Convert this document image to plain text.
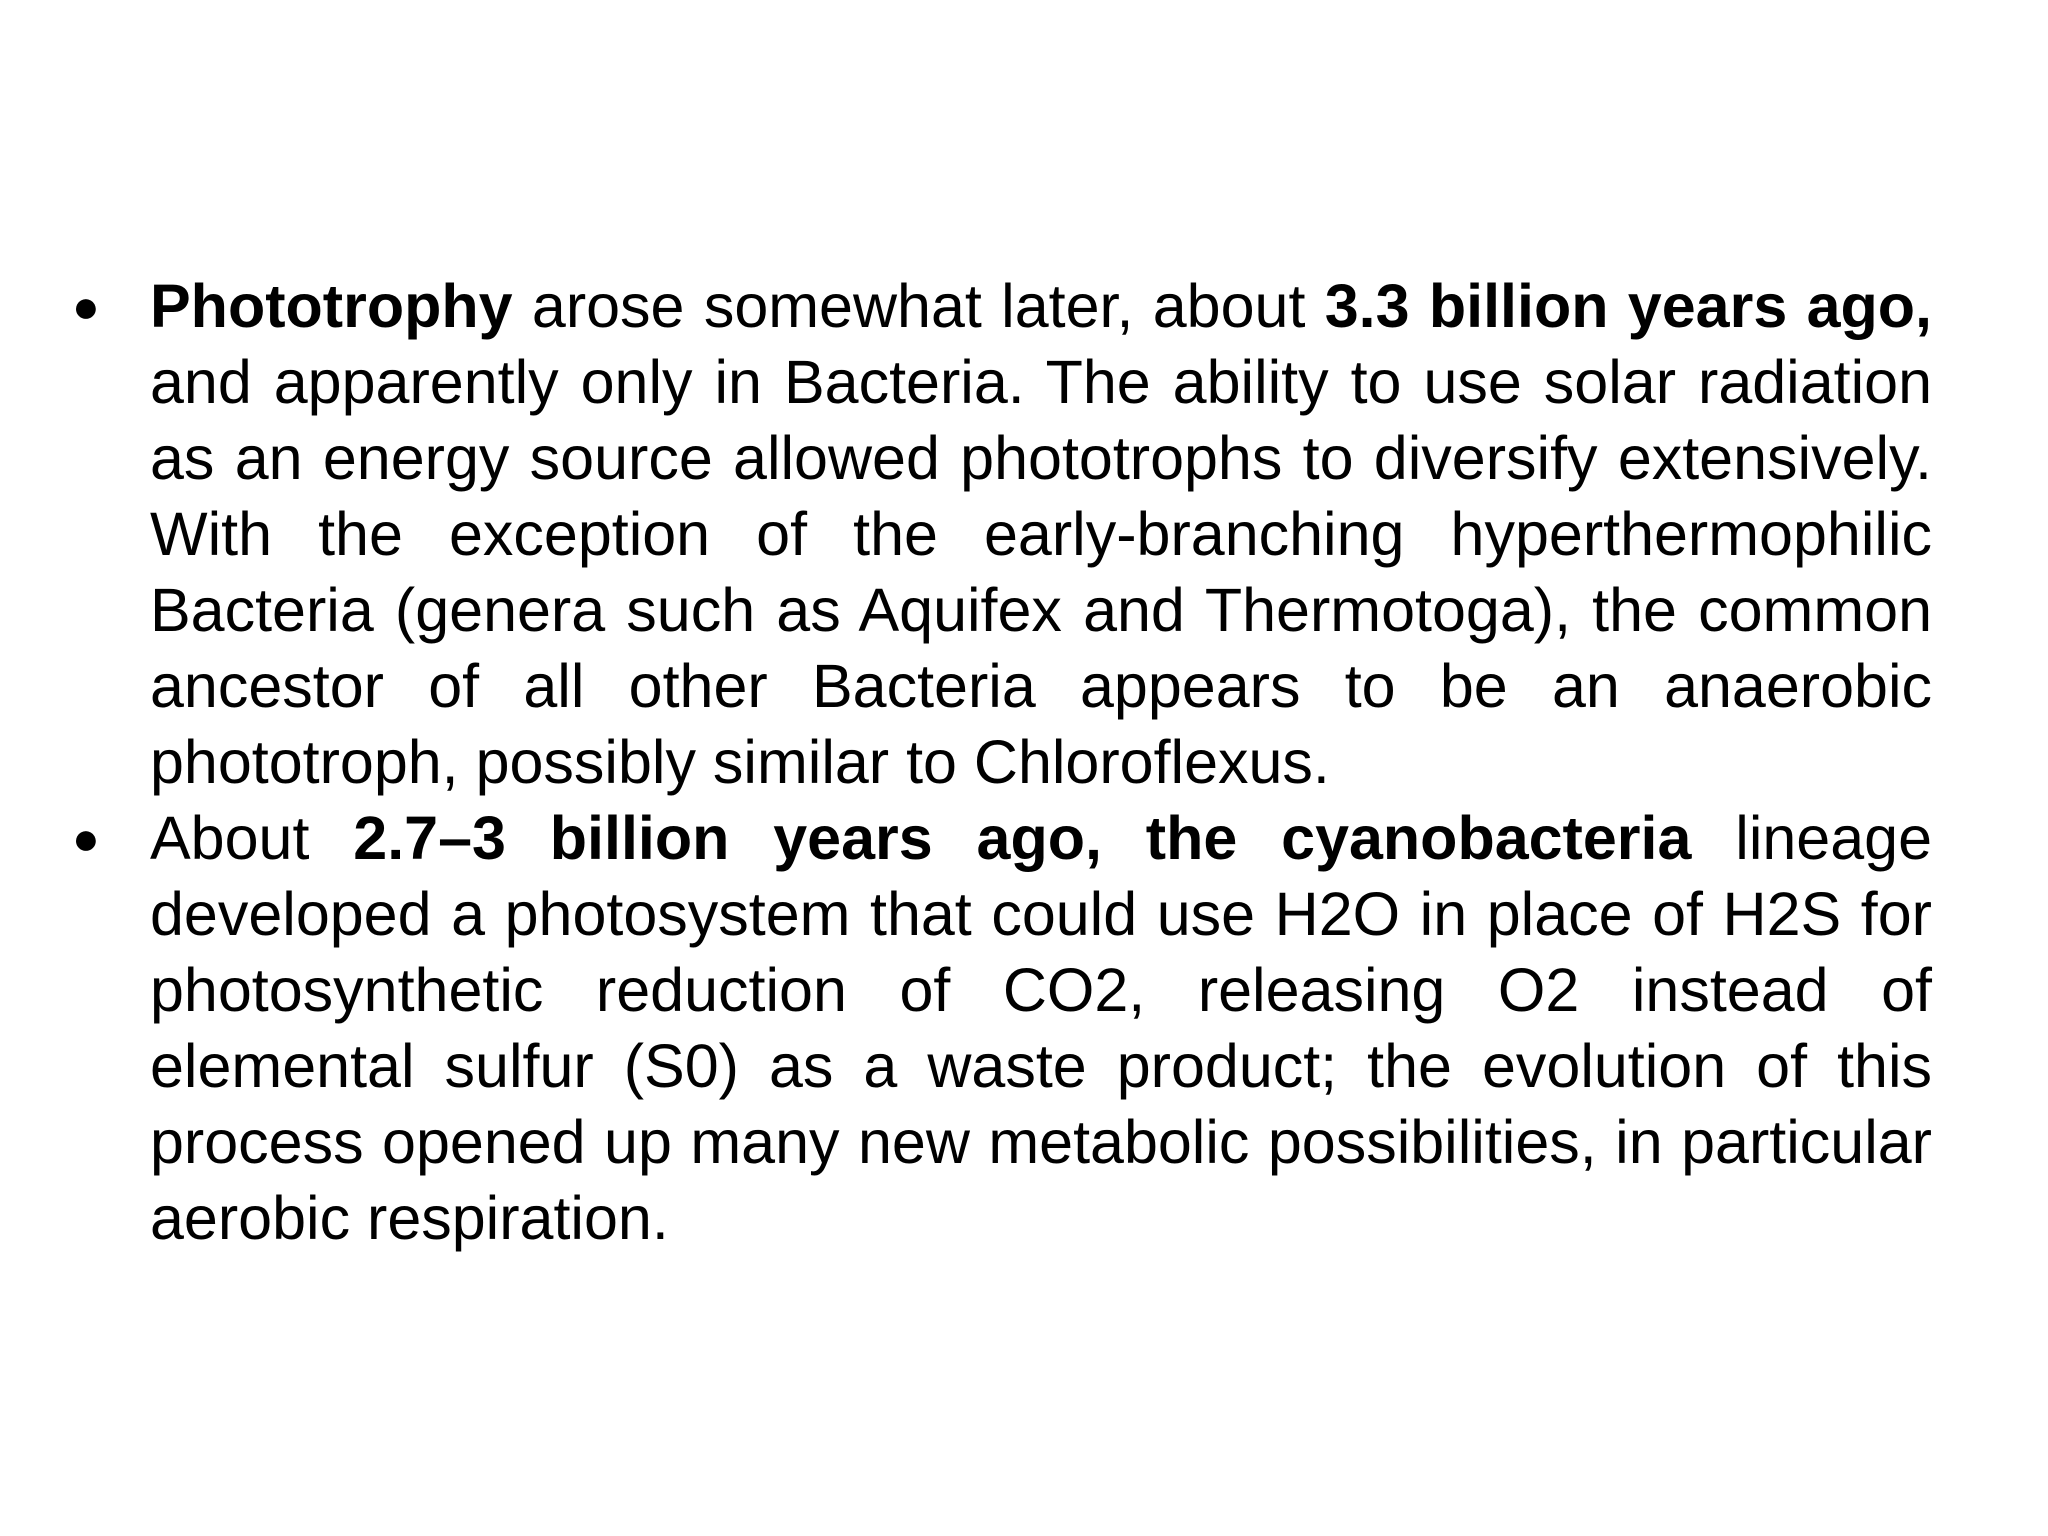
● Phototrophy arose somewhat later, about 3.3 billion years ago, and apparently only in Bacteria. The ability to use solar radiation as an energy source allowed phototrophs to diversify extensively. With the exception of the early-branching hyperthermophilic Bacteria (genera such as Aquifex and Thermotoga), the common ancestor of all other Bacteria appears to be an anaerobic phototroph, possibly similar to Chloroflexus.
● About 2.7–3 billion years ago, the cyanobacteria lineage developed a photosystem that could use H2O in place of H2S for photosynthetic reduction of CO2, releasing O2 instead of elemental sulfur (S0) as a waste product; the evolution of this process opened up many new metabolic possibilities, in particular aerobic respiration.
